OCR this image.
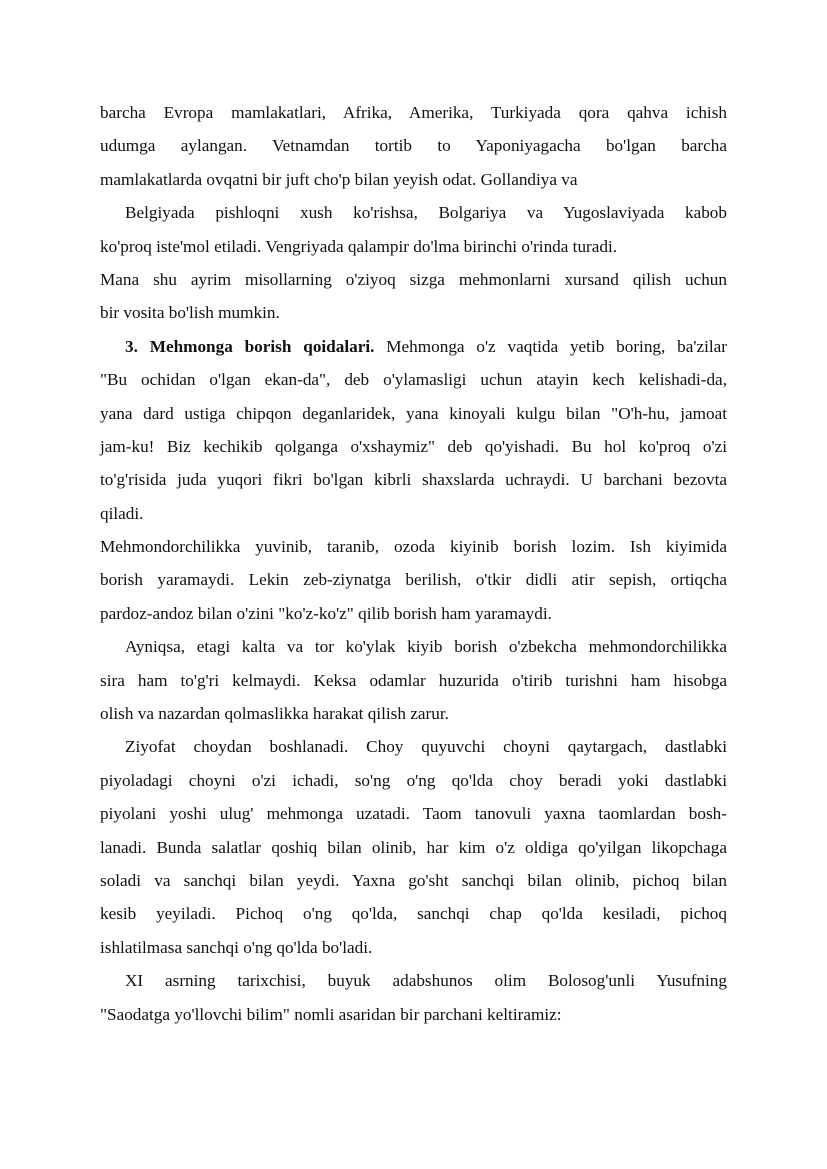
barcha Evropa mamlakatlari, Afrika, Amerika, Turkiyada qora qahva ichish
udumga aylangan. Vetnamdan tortib to Yaponiyagacha bo'lgan barcha
mamlakatlarda ovqatni bir juft cho'p bilan yeyish odat. Gollandiya va
Belgiyada pishloqni xush ko'rishsa, Bolgariya va Yugoslaviyada kabob
ko'proq iste'mol etiladi. Vengriyada qalampir do'lma birinchi o'rinda turadi.
Mana shu ayrim misollarning o'ziyoq sizga mehmonlarni xursand qilish uchun
bir vosita bo'lish mumkin.
3. Mehmonga borish qoidalari. Mehmonga o'z vaqtida yetib boring, ba'zilar
"Bu ochidan o'lgan ekan-da", deb o'ylamasligi uchun atayin kech kelishadi-da,
yana dard ustiga chipqon deganlaridek, yana kinoyali kulgu bilan "O'h-hu, jamoat
jam-ku! Biz kechikib qolganga o'xshaymiz" deb qo'yishadi. Bu hol ko'proq o'zi
to'g'risida juda yuqori fikri bo'lgan kibrli shaxslarda uchraydi. U barchani bezovta
qiladi.
Mehmondorchilikka yuvinib, taranib, ozoda kiyinib borish lozim. Ish kiyimida
borish yaramaydi. Lekin zeb-ziynatga berilish, o'tkir didli atir sepish, ortiqcha
pardoz-andoz bilan o'zini "ko'z-ko'z" qilib borish ham yaramaydi.
Ayniqsa, etagi kalta va tor ko'ylak kiyib borish o'zbekcha mehmondorchilikka
sira ham to'g'ri kelmaydi. Keksa odamlar huzurida o'tirib turishni ham hisobga
olish va nazardan qolmaslikka harakat qilish zarur.
Ziyofat choydan boshlanadi. Choy quyuvchi choyni qaytargach, dastlabki
piyoladagi choyni o'zi ichadi, so'ng o'ng qo'lda choy beradi yoki dastlabki
piyolani yoshi ulug' mehmonga uzatadi. Taom tanovuli yaxna taomlardan bosh-
lanadi. Bunda salatlar qoshiq bilan olinib, har kim o'z oldiga qo'yilgan likopchaga
soladi va sanchqi bilan yeydi. Yaxna go'sht sanchqi bilan olinib, pichoq bilan
kesib yeyiladi. Pichoq o'ng qo'lda, sanchqi chap qo'lda kesiladi, pichoq
ishlatilmasa sanchqi o'ng qo'lda bo'ladi.
XI asrning tarixchisi, buyuk adabshunos olim Bolosog'unli Yusufning
"Saodatga yo'llovchi bilim" nomli asaridan bir parchani keltiramiz:
